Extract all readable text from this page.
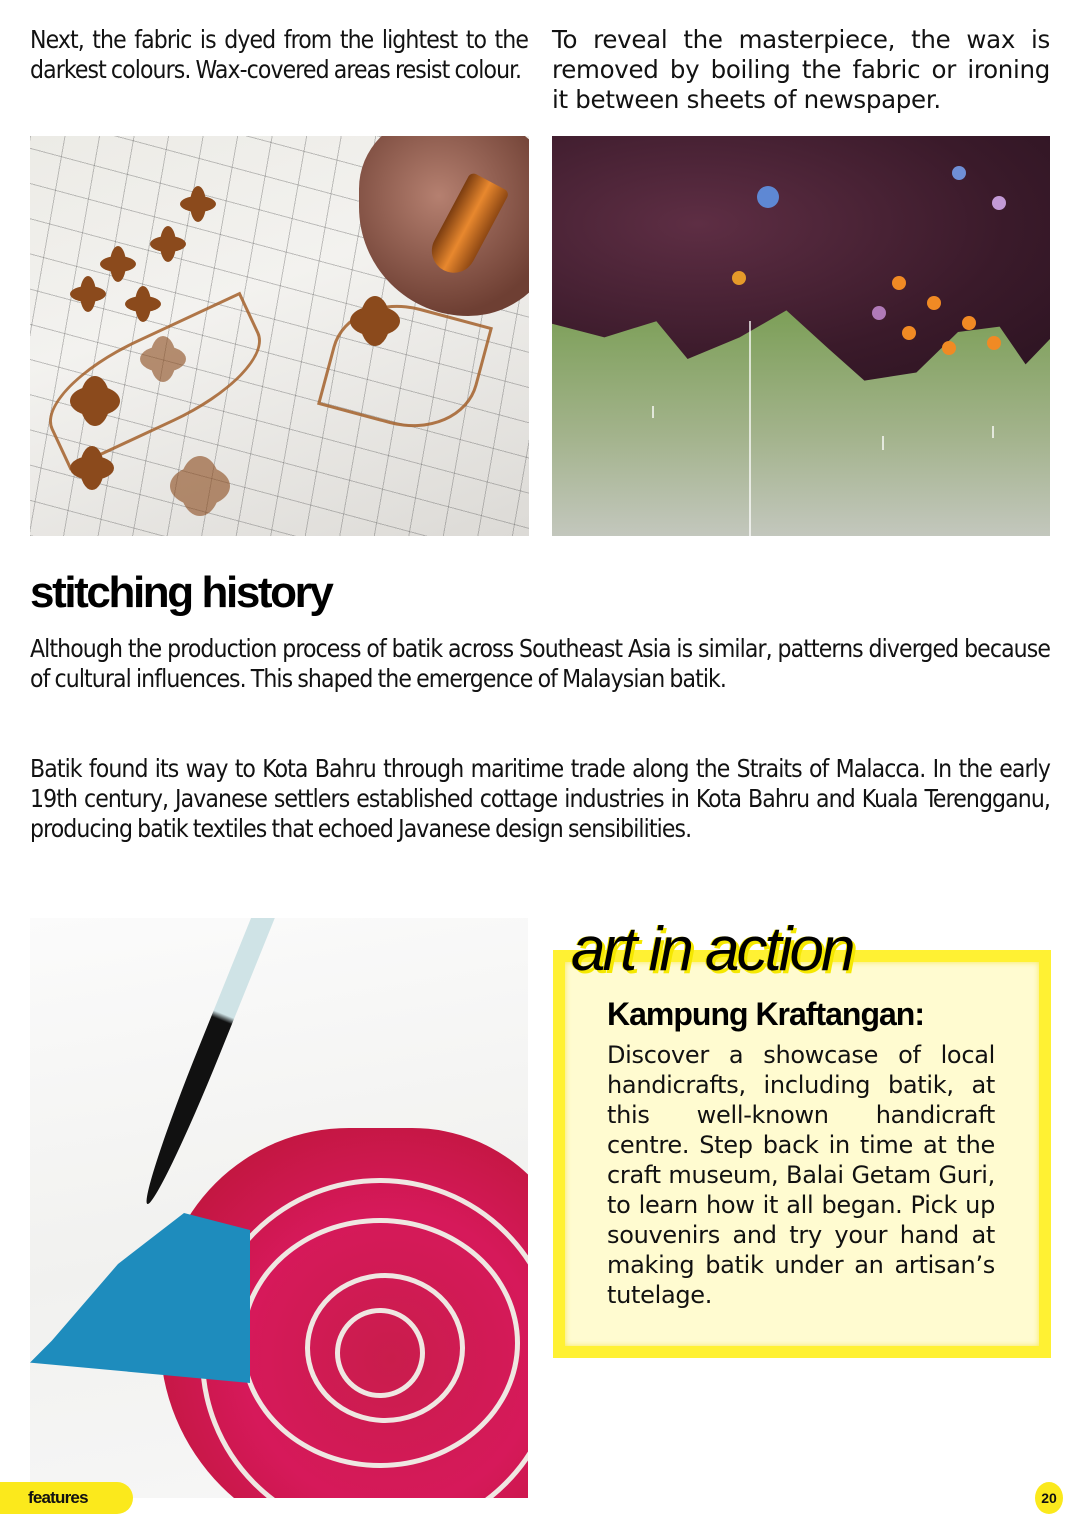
Next, the fabric is dyed from the lightest to the darkest colours. Wax-covered areas resist colour.

To reveal the masterpiece, the wax is removed by boiling the fabric or ironing it between sheets of newspaper.

stitching history

Although the production process of batik across Southeast Asia is similar, patterns diverged because of cultural influences. This shaped the emergence of Malaysian batik.

Batik found its way to Kota Bahru through maritime trade along the Straits of Malacca. In the early 19th century, Javanese settlers established cottage industries in Kota Bahru and Kuala Terengganu, producing batik textiles that echoed Javanese design sensibilities.

art in action
Kampung Kraftangan:

Discover a showcase of local handicrafts, including batik, at this well-known handicraft centre. Step back in time at the craft museum, Balai Getam Guri, to learn how it all began. Pick up souvenirs and try your hand at making batik under an artisan’s tutelage.

features	20
